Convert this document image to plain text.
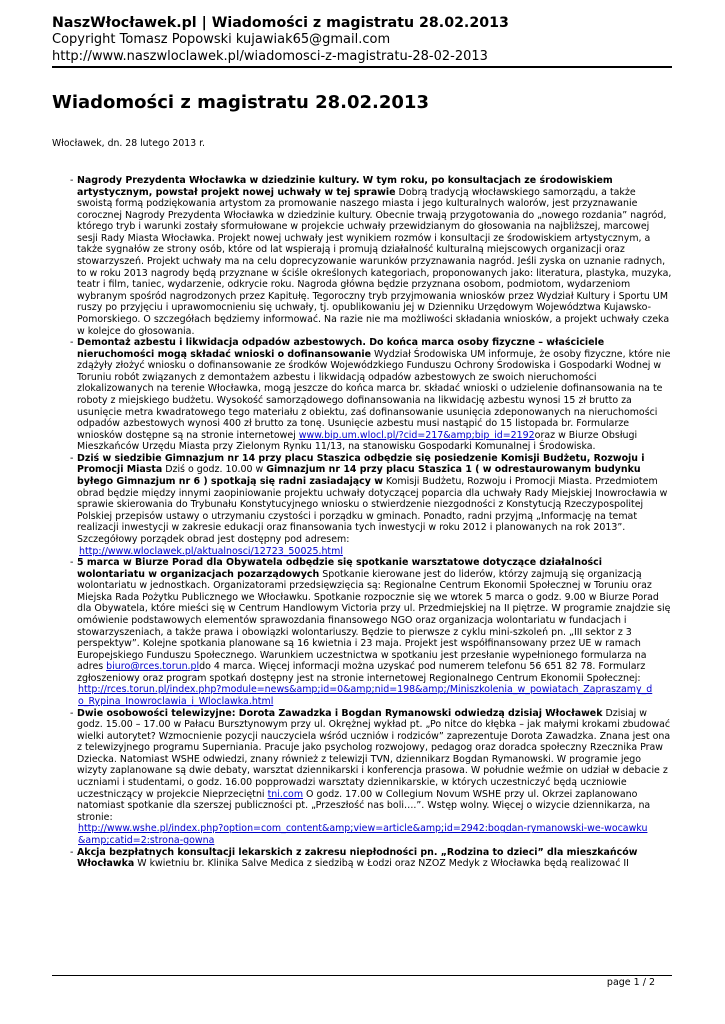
NaszWłocławek.pl | Wiadomości z magistratu 28.02.2013
Copyright Tomasz Popowski kujawiak65@gmail.com
http://www.naszwloclawek.pl/wiadomosci-z-magistratu-28-02-2013
Wiadomości z magistratu 28.02.2013
Włocławek, dn. 28 lutego 2013 r.

- Nagrody Prezydenta Włocławka w dziedzinie kultury. W tym roku, po konsultacjach ze środowiskiem artystycznym, powstał projekt nowej uchwały w tej sprawie Dobrą tradycją włocławskiego samorządu, a także swoistą formą podziękowania artystom za promowanie naszego miasta i jego kulturalnych walorów, jest przyznawanie corocznej Nagrody Prezydenta Włocławka w dziedzinie kultury. Obecnie trwają przygotowania do „nowego rozdania” nagród, którego tryb i warunki zostały sformułowane w projekcie uchwały przewidzianym do głosowania na najbliższej, marcowej sesji Rady Miasta Włocławka. Projekt nowej uchwały jest wynikiem rozmów i konsultacji ze środowiskiem artystycznym, a także sygnałów ze strony osób, które od lat wspierają i promują działalność kulturalną miejscowych organizacji oraz stowarzyszeń. Projekt uchwały ma na celu doprecyzowanie warunków przyznawania nagród. Jeśli zyska on uznanie radnych, to w roku 2013 nagrody będą przyznane w ściśle określonych kategoriach, proponowanych jako: literatura, plastyka, muzyka, teatr i film, taniec, wydarzenie, odkrycie roku. Nagroda główna będzie przyznana osobom, podmiotom, wydarzeniom wybranym spośród nagrodzonych przez Kapitułę. Tegoroczny tryb przyjmowania wniosków przez Wydział Kultury i Sportu UM ruszy po przyjęciu i uprawomocnieniu się uchwały, tj. opublikowaniu jej w Dzienniku Urzędowym Województwa Kujawsko-Pomorskiego. O szczegółach będziemy informować. Na razie nie ma możliwości składania wniosków, a projekt uchwały czeka w kolejce do głosowania.

- Demontaż azbestu i likwidacja odpadów azbestowych. Do końca marca osoby fizyczne – właściciele nieruchomości mogą składać wnioski o dofinansowanie Wydział Środowiska UM informuje, że osoby fizyczne, które nie zdążyły złożyć wniosku o dofinansowanie ze środków Wojewódzkiego Funduszu Ochrony Środowiska i Gospodarki Wodnej w Toruniu robót związanych z demontażem azbestu i likwidacją odpadów azbestowych ze swoich nieruchomości zlokalizowanych na terenie Włocławka, mogą jeszcze do końca marca br. składać wnioski o udzielenie dofinansowania na te roboty z miejskiego budżetu. Wysokość samorządowego dofinansowania na likwidację azbestu wynosi 15 zł brutto za usunięcie metra kwadratowego tego materiału z obiektu, zaś dofinansowanie usunięcia zdeponowanych na nieruchomości odpadów azbestowych wynosi 400 zł brutto za tonę. Usunięcie azbestu musi nastąpić do 15 listopada br. Formularze wniosków dostępne są na stronie internetowej www.bip.um.wlocl.pl/?cid=217&amp;bip_id=2192oraz w Biurze Obsługi Mieszkańców Urzędu Miasta przy Zielonym Rynku 11/13, na stanowisku Gospodarki Komunalnej i Środowiska.

- Dziś w siedzibie Gimnazjum nr 14 przy placu Staszica odbędzie się posiedzenie Komisji Budżetu, Rozwoju i Promocji Miasta Dziś o godz. 10.00 w Gimnazjum nr 14 przy placu Staszica 1 ( w odrestaurowanym budynku byłego Gimnazjum nr 6 ) spotkają się radni zasiadający w Komisji Budżetu, Rozwoju i Promocji Miasta. Przedmiotem obrad będzie między innymi zaopiniowanie projektu uchwały dotyczącej poparcia dla uchwały Rady Miejskiej Inowrocławia w sprawie skierowania do Trybunału Konstytucyjnego wniosku o stwierdzenie niezgodności z Konstytucją Rzeczypospolitej Polskiej przepisów ustawy o utrzymaniu czystości i porządku w gminach. Ponadto, radni przyjmą „Informację na temat realizacji inwestycji w zakresie edukacji oraz finansowania tych inwestycji w roku 2012 i planowanych na rok 2013”. Szczegółowy porządek obrad jest dostępny pod adresem:
http://www.wloclawek.pl/aktualnosci/12723_50025.html

- 5 marca w Biurze Porad dla Obywatela odbędzie się spotkanie warsztatowe dotyczące działalności wolontariatu w organizacjach pozarządowych Spotkanie kierowane jest do liderów, którzy zajmują się organizacją wolontariatu w jednostkach. Organizatorami przedsięwzięcia są: Regionalne Centrum Ekonomii Społecznej w Toruniu oraz Miejska Rada Pożytku Publicznego we Włocławku. Spotkanie rozpocznie się we wtorek 5 marca o godz. 9.00 w Biurze Porad dla Obywatela, które mieści się w Centrum Handlowym Victoria przy ul. Przedmiejskiej na II piętrze. W programie znajdzie się omówienie podstawowych elementów sprawozdania finansowego NGO oraz organizacja wolontariatu w fundacjach i stowarzyszeniach, a także prawa i obowiązki wolontariuszy. Będzie to pierwsze z cyklu mini-szkoleń pn. „III sektor z 3 perspektyw”. Kolejne spotkania planowane są 16 kwietnia i 23 maja. Projekt jest współfinansowany przez UE w ramach Europejskiego Funduszu Społecznego. Warunkiem uczestnictwa w spotkaniu jest przesłanie wypełnionego formularza na adres biuro@rces.torun.pldo 4 marca. Więcej informacji można uzyskać pod numerem telefonu 56 651 82 78. Formularz zgłoszeniowy oraz program spotkań dostępny jest na stronie internetowej Regionalnego Centrum Ekonomii Społecznej:
http://rces.torun.pl/index.php?module=news&amp;id=0&amp;nid=198&amp;/Miniszkolenia_w_powiatach_Zapraszamy_d
o_Rypina_Inowroclawia_i_Wloclawka.html

- Dwie osobowości telewizyjne: Dorota Zawadzka i Bogdan Rymanowski odwiedzą dzisiaj Włocławek Dzisiaj w godz. 15.00 – 17.00 w Pałacu Bursztynowym przy ul. Okrężnej wykład pt. „Po nitce do kłębka – jak małymi krokami zbudować wielki autorytet? Wzmocnienie pozycji nauczyciela wśród uczniów i rodziców” zaprezentuje Dorota Zawadzka. Znana jest ona z telewizyjnego programu Superniania. Pracuje jako psycholog rozwojowy, pedagog oraz doradca społeczny Rzecznika Praw Dziecka. Natomiast WSHE odwiedzi, znany również z telewizji TVN, dziennikarz Bogdan Rymanowski. W programie jego wizyty zaplanowane są dwie debaty, warsztat dziennikarski i konferencja prasowa. W południe weźmie on udział w debacie z uczniami i studentami, o godz. 16.00 popprowadzi warsztaty dziennikarskie, w których uczestniczyć będą uczniowie uczestniczący w projekcie Nieprzeciętni tni.com O godz. 17.00 w Collegium Novum WSHE przy ul. Okrzei zaplanowano natomiast spotkanie dla szerszej publiczności pt. „Przeszłość nas boli….”. Wstęp wolny. Więcej o wizycie dziennikarza, na stronie:
http://www.wshe.pl/index.php?option=com_content&amp;view=article&amp;id=2942:bogdan-rymanowski-we-wocawku
&amp;catid=2:strona-gowna

- Akcja bezpłatnych konsultacji lekarskich z zakresu niepłodności pn. „Rodzina to dzieci” dla mieszkańców Włocławka W kwietniu br. Klinika Salve Medica z siedzibą w Łodzi oraz NZOZ Medyk z Włocławka będą realizować II

page 1 / 2
